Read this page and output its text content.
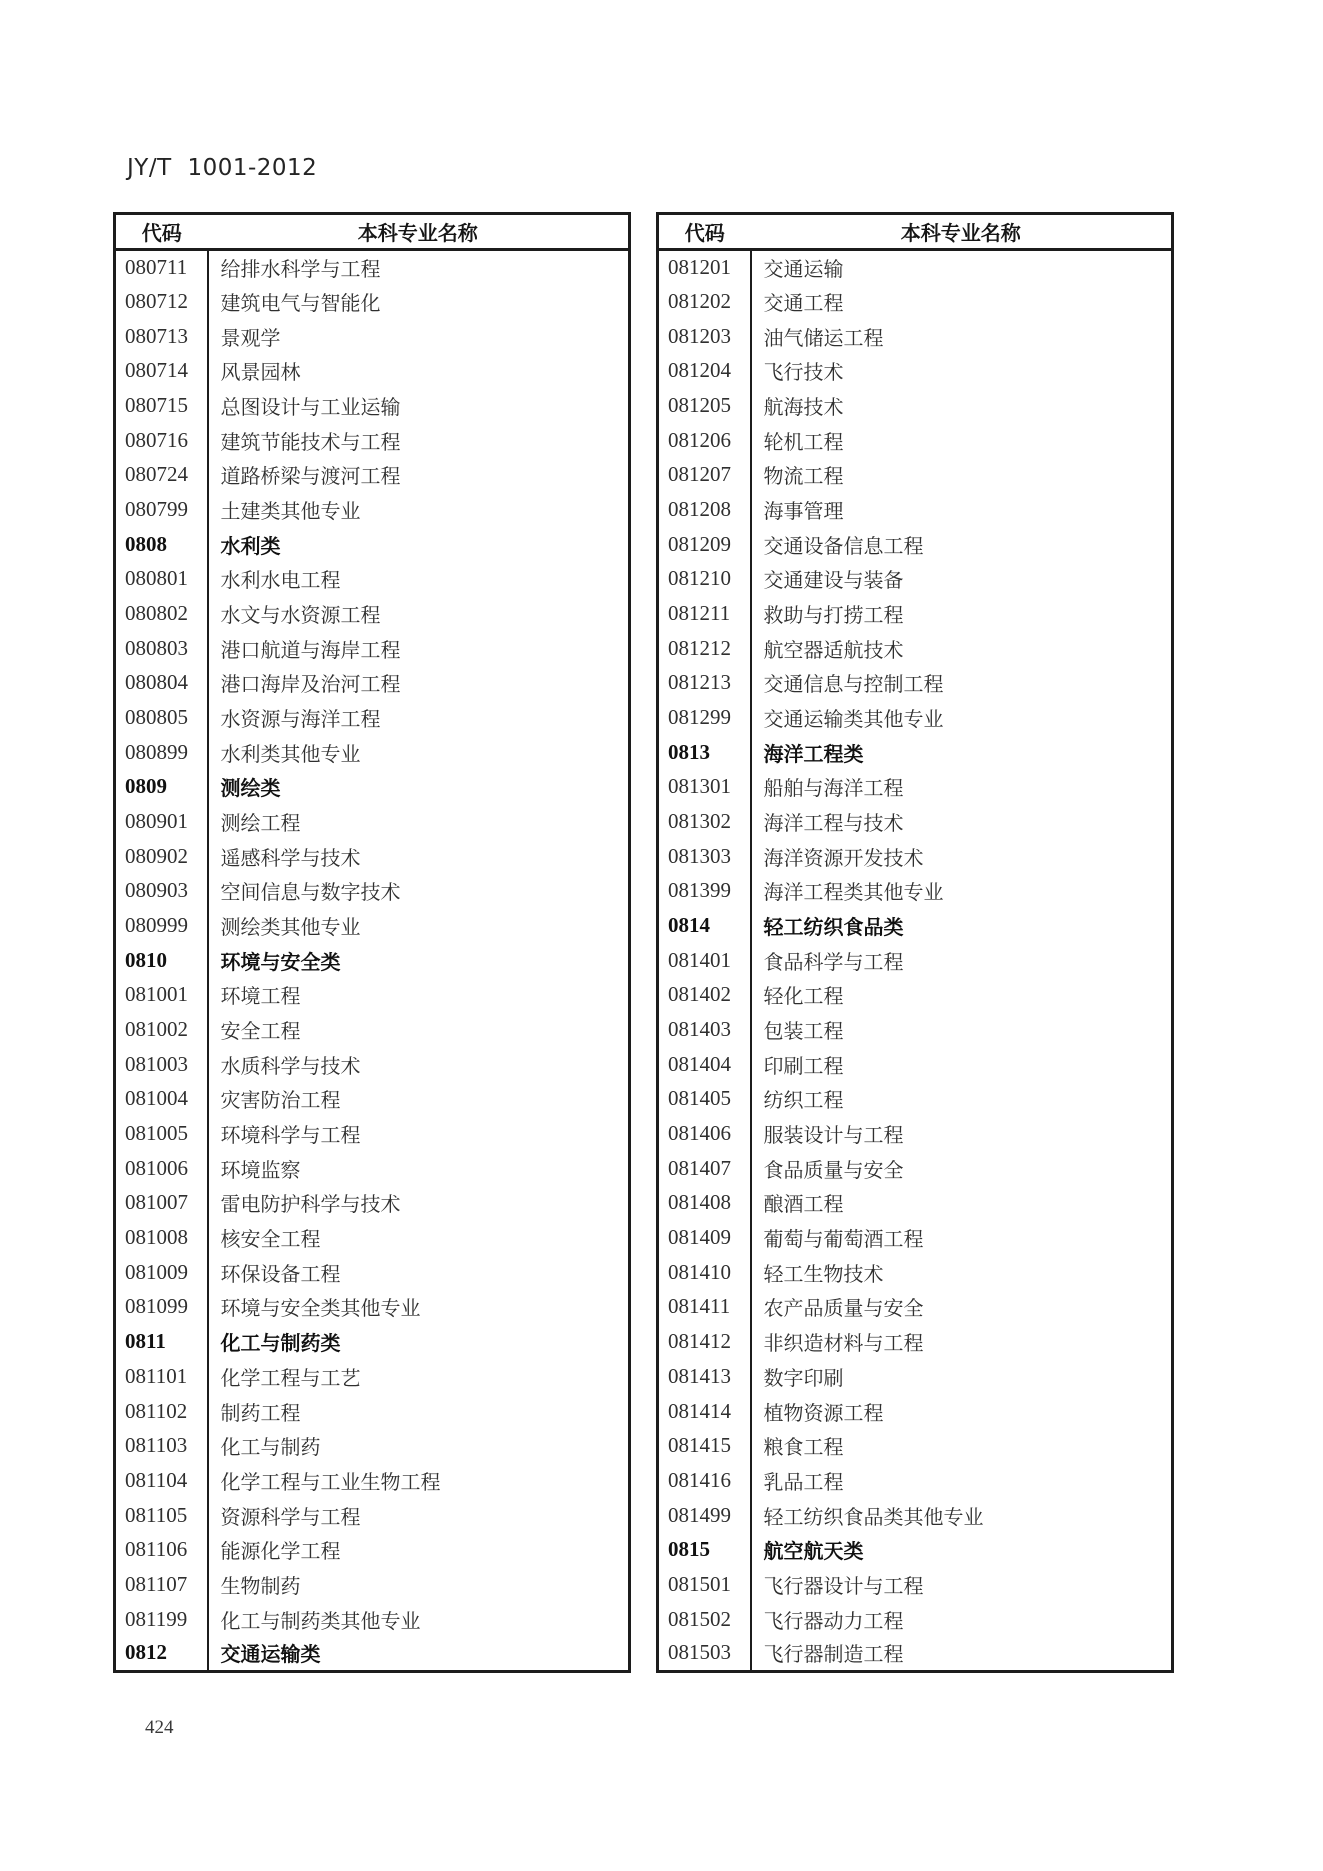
JY/T 1001-2012
代码	本科专业名称
080711	给排水科学与工程
080712	建筑电气与智能化
080713	景观学
080714	风景园林
080715	总图设计与工业运输
080716	建筑节能技术与工程
080724	道路桥梁与渡河工程
080799	土建类其他专业
0808	水利类
080801	水利水电工程
080802	水文与水资源工程
080803	港口航道与海岸工程
080804	港口海岸及治河工程
080805	水资源与海洋工程
080899	水利类其他专业
0809	测绘类
080901	测绘工程
080902	遥感科学与技术
080903	空间信息与数字技术
080999	测绘类其他专业
0810	环境与安全类
081001	环境工程
081002	安全工程
081003	水质科学与技术
081004	灾害防治工程
081005	环境科学与工程
081006	环境监察
081007	雷电防护科学与技术
081008	核安全工程
081009	环保设备工程
081099	环境与安全类其他专业
0811	化工与制药类
081101	化学工程与工艺
081102	制药工程
081103	化工与制药
081104	化学工程与工业生物工程
081105	资源科学与工程
081106	能源化学工程
081107	生物制药
081199	化工与制药类其他专业
0812	交通运输类
代码	本科专业名称
081201	交通运输
081202	交通工程
081203	油气储运工程
081204	飞行技术
081205	航海技术
081206	轮机工程
081207	物流工程
081208	海事管理
081209	交通设备信息工程
081210	交通建设与装备
081211	救助与打捞工程
081212	航空器适航技术
081213	交通信息与控制工程
081299	交通运输类其他专业
0813	海洋工程类
081301	船舶与海洋工程
081302	海洋工程与技术
081303	海洋资源开发技术
081399	海洋工程类其他专业
0814	轻工纺织食品类
081401	食品科学与工程
081402	轻化工程
081403	包装工程
081404	印刷工程
081405	纺织工程
081406	服装设计与工程
081407	食品质量与安全
081408	酿酒工程
081409	葡萄与葡萄酒工程
081410	轻工生物技术
081411	农产品质量与安全
081412	非织造材料与工程
081413	数字印刷
081414	植物资源工程
081415	粮食工程
081416	乳品工程
081499	轻工纺织食品类其他专业
0815	航空航天类
081501	飞行器设计与工程
081502	飞行器动力工程
081503	飞行器制造工程
424
